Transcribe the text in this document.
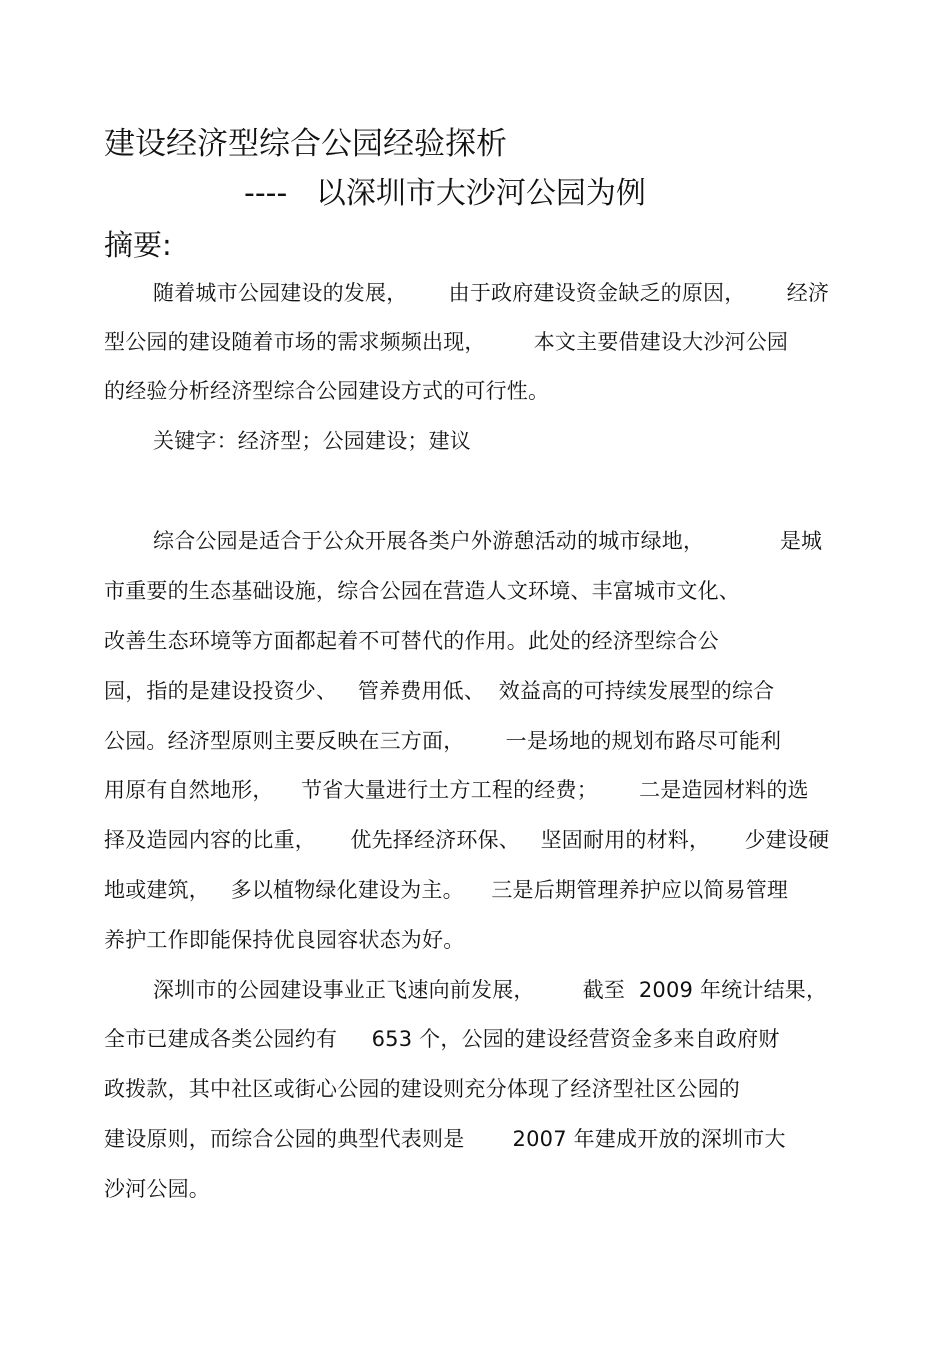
建设经济型综合公园经验探析
----   以深圳市大沙河公园为例
摘要:
随着城市公园建设的发展，      由于政府建设资金缺乏的原因，      经济
型公园的建设随着市场的需求频频出现，       本文主要借建设大沙河公园
的经验分析经济型综合公园建设方式的可行性。
关键字：经济型；公园建设；建议
综合公园是适合于公众开展各类户外游憩活动的城市绿地，           是城
市重要的生态基础设施，综合公园在营造人文环境、丰富城市文化、
改善生态环境等方面都起着不可替代的作用。此处的经济型综合公
园，指的是建设投资少、   管养费用低、  效益高的可持续发展型的综合
公园。经济型原则主要反映在三方面，      一是场地的规划布路尽可能利
用原有自然地形，    节省大量进行土方工程的经费；      二是造园材料的选
择及造园内容的比重，     优先择经济环保、   坚固耐用的材料，     少建设硬
地或建筑，   多以植物绿化建设为主。    三是后期管理养护应以简易管理
养护工作即能保持优良园容状态为好。
深圳市的公园建设事业正飞速向前发展，       截至  2009 年统计结果，
全市已建成各类公园约有     653 个，公园的建设经营资金多来自政府财
政拨款，其中社区或街心公园的建设则充分体现了经济型社区公园的
建设原则，而综合公园的典型代表则是       2007 年建成开放的深圳市大
沙河公园。
